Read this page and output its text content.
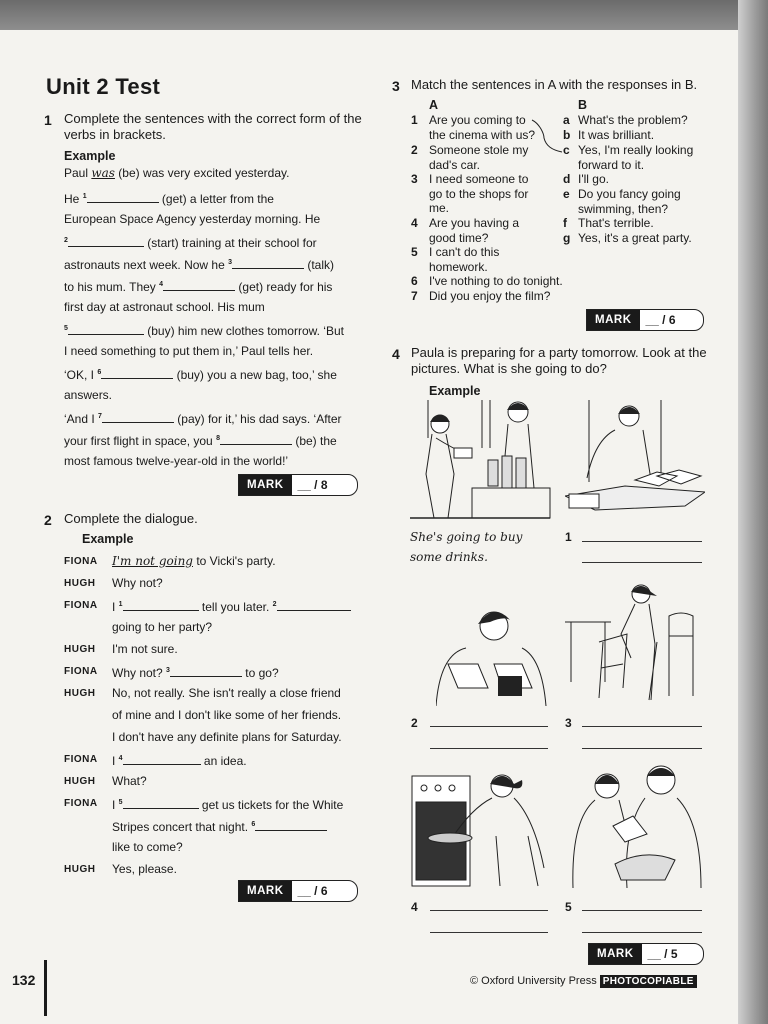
Unit 2 Test
1 Complete the sentences with the correct form of the verbs in brackets.
Example
Paul was (be) was very excited yesterday.
He $^1$	(get) a letter from the
European Space Agency yesterday morning. He
$^2$	(start) training at their school for
astronauts next week. Now he $^3$	(talk)
to his mum. They $^4$	(get) ready for his
first day at astronaut school. His mum
$^5$	(buy) him new clothes tomorrow. ‘But
I need something to put them in,’ Paul tells her.
‘OK, I $^6$	(buy) you a new bag, too,’ she
answers.
‘And I $^7$	(pay) for it,’ his dad says. ‘After
your first flight in space, you $^8$	(be) the
most famous twelve-year-old in the world!’
MARK	__ / 8
2 Complete the dialogue.
Example
FIONA I'm not going to Vicki's party.
HUGH Why not?
FIONA I $^1$	tell you later. $^2$
going to her party?
HUGH I'm not sure.
FIONA Why not? $^3$	to go?
HUGH No, not really. She isn't really a close friend
of mine and I don't like some of her friends.
I don't have any definite plans for Saturday.
FIONA I $^4$	an idea.
HUGH What?
FIONA I $^5$	get us tickets for the White
Stripes concert that night. $^6$
like to come?
HUGH Yes, please.
MARK	__ / 6
3 Match the sentences in A with the responses in B.
A	B
1 Are you coming to
the cinema with us?
2 Someone stole my
dad's car.
3 I need someone to
go to the shops for
me.
4 Are you having a
good time?
5 I can't do this
homework.
6 I've nothing to do tonight.
7 Did you enjoy the film?
a What's the problem?
b It was brilliant.
c Yes, I'm really looking
forward to it.
d I'll go.
e Do you fancy going
swimming, then?
f That's terrible.
g Yes, it's a great party.
MARK	__ / 6
4 Paula is preparing for a party tomorrow. Look at the pictures. What is she going to do?
Example
She's going to buy
some drinks.
1
2	3
4	5
MARK	__ / 5
132	© Oxford University Press PHOTOCOPIABLE
